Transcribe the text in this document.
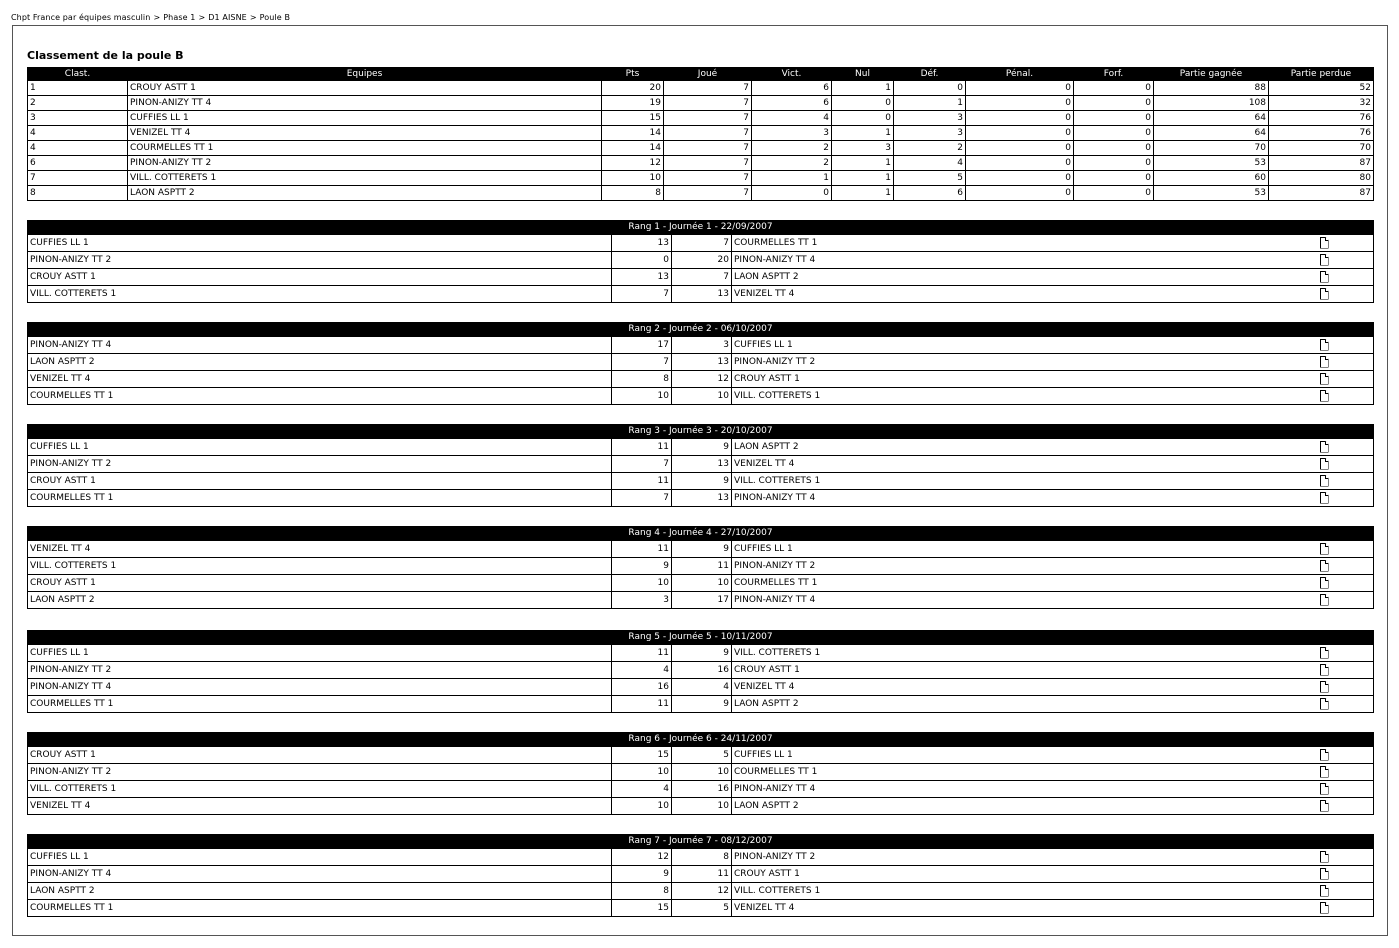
Chpt France par équipes masculin > Phase 1 > D1 AISNE > Poule B
Classement de la poule B
Clast.	Equipes	Pts	Joué	Vict.	Nul	Déf.	Pénal.	Forf.	Partie gagnée	Partie perdue
1	CROUY ASTT 1	20	7	6	1	0	0	0	88	52
2	PINON-ANIZY TT 4	19	7	6	0	1	0	0	108	32
3	CUFFIES LL 1	15	7	4	0	3	0	0	64	76
4	VENIZEL TT 4	14	7	3	1	3	0	0	64	76
4	COURMELLES TT 1	14	7	2	3	2	0	0	70	70
6	PINON-ANIZY TT 2	12	7	2	1	4	0	0	53	87
7	VILL. COTTERETS 1	10	7	1	1	5	0	0	60	80
8	LAON ASPTT 2	8	7	0	1	6	0	0	53	87
Rang 1 - Journée 1 - 22/09/2007				
CUFFIES LL 1	13	7	COURMELLES TT 1	
PINON-ANIZY TT 2	0	20	PINON-ANIZY TT 4	
CROUY ASTT 1	13	7	LAON ASPTT 2	
VILL. COTTERETS 1	7	13	VENIZEL TT 4	
Rang 2 - Journée 2 - 06/10/2007				
PINON-ANIZY TT 4	17	3	CUFFIES LL 1	
LAON ASPTT 2	7	13	PINON-ANIZY TT 2	
VENIZEL TT 4	8	12	CROUY ASTT 1	
COURMELLES TT 1	10	10	VILL. COTTERETS 1	
Rang 3 - Journée 3 - 20/10/2007				
CUFFIES LL 1	11	9	LAON ASPTT 2	
PINON-ANIZY TT 2	7	13	VENIZEL TT 4	
CROUY ASTT 1	11	9	VILL. COTTERETS 1	
COURMELLES TT 1	7	13	PINON-ANIZY TT 4	
Rang 4 - Journée 4 - 27/10/2007				
VENIZEL TT 4	11	9	CUFFIES LL 1	
VILL. COTTERETS 1	9	11	PINON-ANIZY TT 2	
CROUY ASTT 1	10	10	COURMELLES TT 1	
LAON ASPTT 2	3	17	PINON-ANIZY TT 4	
Rang 5 - Journée 5 - 10/11/2007				
CUFFIES LL 1	11	9	VILL. COTTERETS 1	
PINON-ANIZY TT 2	4	16	CROUY ASTT 1	
PINON-ANIZY TT 4	16	4	VENIZEL TT 4	
COURMELLES TT 1	11	9	LAON ASPTT 2	
Rang 6 - Journée 6 - 24/11/2007				
CROUY ASTT 1	15	5	CUFFIES LL 1	
PINON-ANIZY TT 2	10	10	COURMELLES TT 1	
VILL. COTTERETS 1	4	16	PINON-ANIZY TT 4	
VENIZEL TT 4	10	10	LAON ASPTT 2	
Rang 7 - Journée 7 - 08/12/2007				
CUFFIES LL 1	12	8	PINON-ANIZY TT 2	
PINON-ANIZY TT 4	9	11	CROUY ASTT 1	
LAON ASPTT 2	8	12	VILL. COTTERETS 1	
COURMELLES TT 1	15	5	VENIZEL TT 4	
